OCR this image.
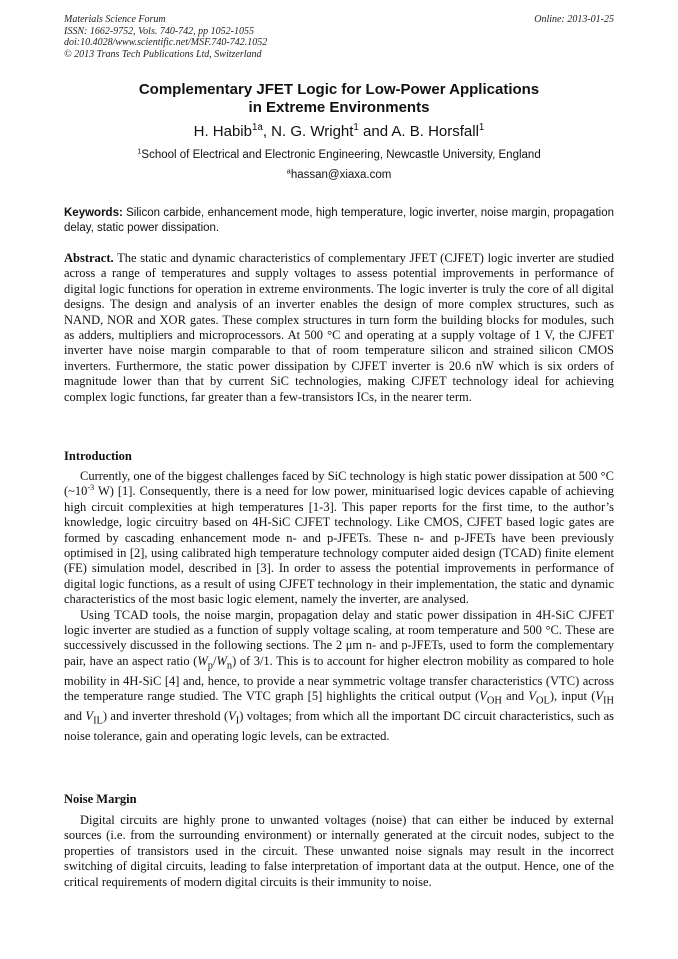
Materials Science Forum
ISSN: 1662-9752, Vols. 740-742, pp 1052-1055
doi:10.4028/www.scientific.net/MSF.740-742.1052
© 2013 Trans Tech Publications Ltd, Switzerland
Online: 2013-01-25
Complementary JFET Logic for Low-Power Applications
in Extreme Environments
H. Habib$^{1a}$, N. G. Wright$^1$ and A. B. Horsfall$^1$
$^1$School of Electrical and Electronic Engineering, Newcastle University, England
$^a$hassan@xiaxa.com
Keywords: Silicon carbide, enhancement mode, high temperature, logic inverter, noise margin, propagation delay, static power dissipation.

Abstract. The static and dynamic characteristics of complementary JFET (CJFET) logic inverter are studied across a range of temperatures and supply voltages to assess potential improvements in performance of digital logic functions for operation in extreme environments. The logic inverter is truly the core of all digital designs. The design and analysis of an inverter enables the design of more complex structures, such as NAND, NOR and XOR gates. These complex structures in turn form the building blocks for modules, such as adders, multipliers and microprocessors. At 500 °C and operating at a supply voltage of 1 V, the CJFET inverter have noise margin comparable to that of room temperature silicon and strained silicon CMOS inverters. Furthermore, the static power dissipation by CJFET inverter is 20.6 nW which is six orders of magnitude lower than that by current SiC technologies, making CJFET technology ideal for achieving complex logic functions, far greater than a few-transistors ICs, in the nearer term.

Introduction

Currently, one of the biggest challenges faced by SiC technology is high static power dissipation at 500 °C ($\sim 10^{-3}$ W) [1]. Consequently, there is a need for low power, minituarised logic devices capable of achieving high circuit complexities at high temperatures [1-3]. This paper reports for the first time, to the author’s knowledge, logic circuitry based on 4H-SiC CJFET technology. Like CMOS, CJFET based logic gates are formed by cascading enhancement mode n- and p-JFETs. These n- and p-JFETs have been previously optimised in [2], using calibrated high temperature technology computer aided design (TCAD) finite element (FE) simulation model, described in [3]. In order to assess the potential improvements in performance of digital logic functions, as a result of using CJFET technology in their implementation, the static and dynamic characteristics of the most basic logic element, namely the inverter, are analysed.

Using TCAD tools, the noise margin, propagation delay and static power dissipation in 4H-SiC CJFET logic inverter are studied as a function of supply voltage scaling, at room temperature and 500 °C. These are successively discussed in the following sections. The 2 μm n- and p-JFETs, used to form the complementary pair, have an aspect ratio $(W_p/W_n)$ of 3/1. This is to account for higher electron mobility as compared to hole mobility in 4H-SiC [4] and, hence, to provide a near symmetric voltage transfer characteristics (VTC) across the temperature range studied. The VTC graph [5] highlights the critical output ($V_{OH}$ and $V_{OL}$), input ($V_{IH}$ and $V_{IL}$) and inverter threshold $(V_I)$ voltages; from which all the important DC circuit characteristics, such as noise tolerance, gain and operating logic levels, can be extracted.

Noise Margin

Digital circuits are highly prone to unwanted voltages (noise) that can either be induced by external sources (i.e. from the surrounding environment) or internally generated at the circuit nodes, subject to the properties of transistors used in the circuit. These unwanted noise signals may result in the incorrect switching of digital circuits, leading to false interpretation of important data at the output. Hence, one of the critical requirements of modern digital circuits is their immunity to noise.
